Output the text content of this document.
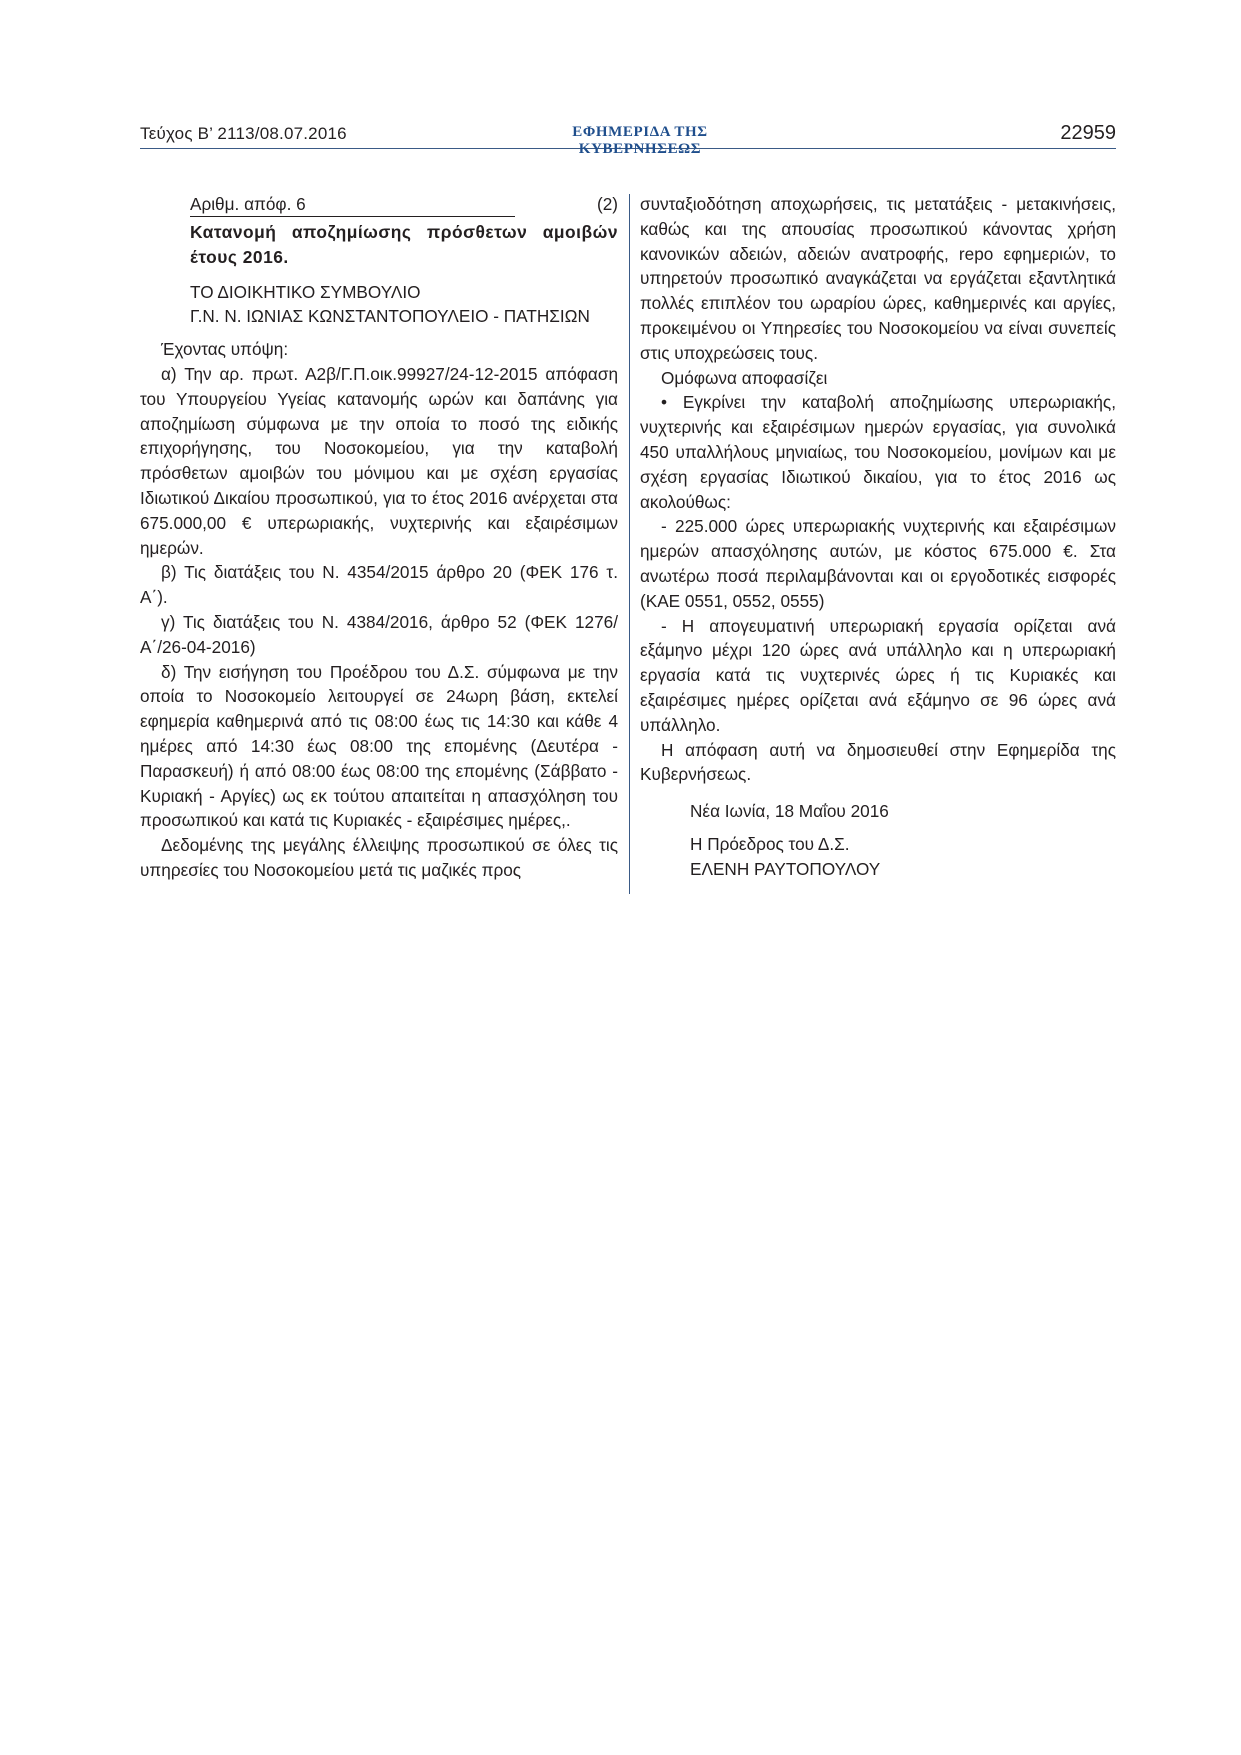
Τεύχος Β’ 2113/08.07.2016	ΕΦΗΜΕΡΙΔΑ ΤΗΣ ΚΥΒΕΡΝΗΣΕΩΣ
22959
Αριθμ. απόφ. 6	(2)

Κατανομή αποζημίωσης πρόσθετων αμοιβών έτους 2016.

ΤΟ ΔΙΟΙΚΗΤΙΚΟ ΣΥΜΒΟΥΛΙΟ

Γ.Ν. Ν. ΙΩΝΙΑΣ ΚΩΝΣΤΑΝΤΟΠΟΥΛΕΙΟ - ΠΑΤΗΣΙΩΝ

Έχοντας υπόψη:

α) Την αρ. πρωτ. Α2β/Γ.Π.οικ.99927/24-12-2015 απόφαση του Υπουργείου Υγείας κατανομής ωρών και δαπάνης για αποζημίωση σύμφωνα με την οποία το ποσό της ειδικής επιχορήγησης, του Νοσοκομείου, για την καταβολή πρόσθετων αμοιβών του μόνιμου και με σχέση εργασίας Ιδιωτικού Δικαίου προσωπικού, για το έτος 2016 ανέρχεται στα 675.000,00 € υπερωριακής, νυχτερινής και εξαιρέσιμων ημερών.

β) Τις διατάξεις του Ν. 4354/2015 άρθρο 20 (ΦΕΚ 176 τ. Α΄).

γ) Τις διατάξεις του Ν. 4384/2016, άρθρο 52 (ΦΕΚ 1276/Α΄/26-04-2016)

δ) Την εισήγηση του Προέδρου του Δ.Σ. σύμφωνα με την οποία το Νοσοκομείο λειτουργεί σε 24ωρη βάση, εκτελεί εφημερία καθημερινά από τις 08:00 έως τις 14:30 και κάθε 4 ημέρες από 14:30 έως 08:00 της επομένης (Δευτέρα - Παρασκευή) ή από 08:00 έως 08:00 της επομένης (Σάββατο - Κυριακή - Αργίες) ως εκ τούτου απαιτείται η απασχόληση του προσωπικού και κατά τις Κυριακές - εξαιρέσιμες ημέρες,.

Δεδομένης της μεγάλης έλλειψης προσωπικού σε όλες τις υπηρεσίες του Νοσοκομείου μετά τις μαζικές προς

συνταξιοδότηση αποχωρήσεις, τις μετατάξεις - μετακινήσεις, καθώς και της απουσίας προσωπικού κάνοντας χρήση κανονικών αδειών, αδειών ανατροφής, repo εφημεριών, το υπηρετούν προσωπικό αναγκάζεται να εργάζεται εξαντλητικά πολλές επιπλέον του ωραρίου ώρες, καθημερινές και αργίες, προκειμένου οι Υπηρεσίες του Νοσοκομείου να είναι συνεπείς στις υποχρεώσεις τους.

Ομόφωνα αποφασίζει

• Εγκρίνει την καταβολή αποζημίωσης υπερωριακής, νυχτερινής και εξαιρέσιμων ημερών εργασίας, για συνολικά 450 υπαλλήλους μηνιαίως, του Νοσοκομείου, μονίμων και με σχέση εργασίας Ιδιωτικού δικαίου, για το έτος 2016 ως ακολούθως:

- 225.000 ώρες υπερωριακής νυχτερινής και εξαιρέσιμων ημερών απασχόλησης αυτών, με κόστος 675.000 €. Στα ανωτέρω ποσά περιλαμβάνονται και οι εργοδοτικές εισφορές (ΚΑΕ 0551, 0552, 0555)

- Η απογευματινή υπερωριακή εργασία ορίζεται ανά εξάμηνο μέχρι 120 ώρες ανά υπάλληλο και η υπερωριακή εργασία κατά τις νυχτερινές ώρες ή τις Κυριακές και εξαιρέσιμες ημέρες ορίζεται ανά εξάμηνο σε 96 ώρες ανά υπάλληλο.

Η απόφαση αυτή να δημοσιευθεί στην Εφημερίδα της Κυβερνήσεως.

Νέα Ιωνία, 18 Μαΐου 2016

Η Πρόεδρος του Δ.Σ.

ΕΛΕΝΗ ΡΑΥΤΟΠΟΥΛΟΥ
